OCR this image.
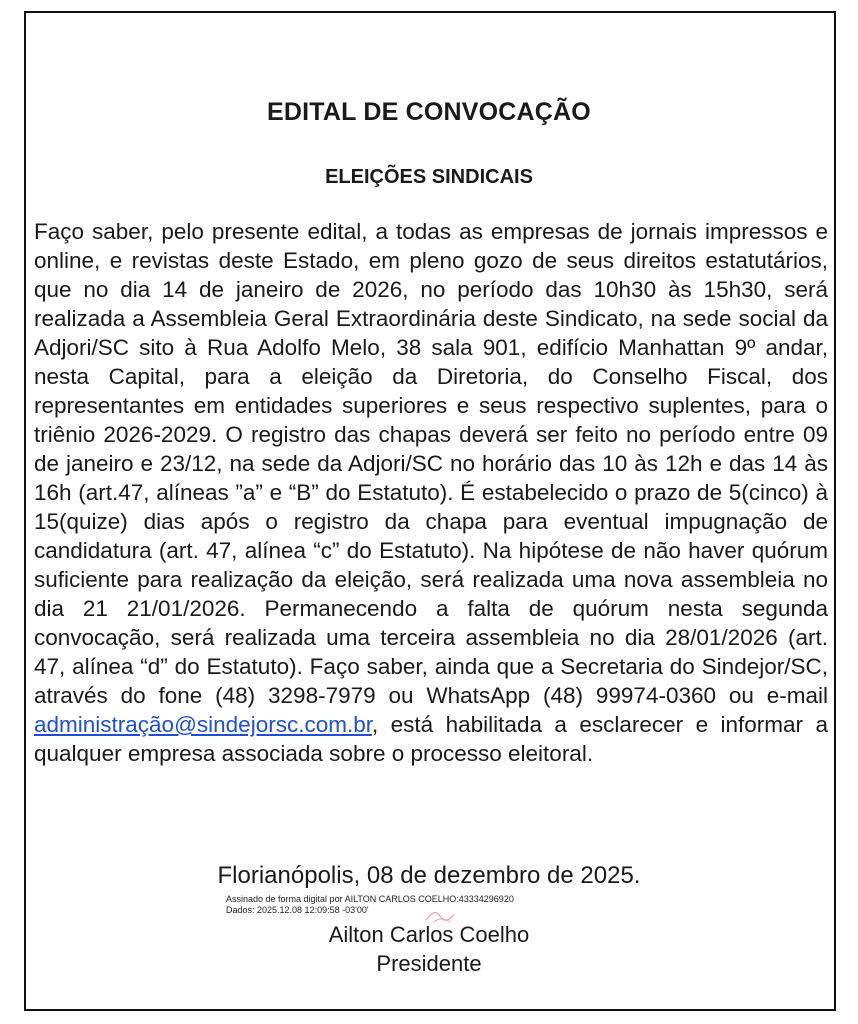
EDITAL DE CONVOCAÇÃO
ELEIÇÕES SINDICAIS
Faço saber, pelo presente edital, a todas as empresas de jornais impressos e online, e revistas deste Estado, em pleno gozo de seus direitos estatutários, que no dia 14 de janeiro de 2026, no período das 10h30 às 15h30, será realizada a Assembleia Geral Extraordinária deste Sindicato, na sede social da Adjori/SC sito à Rua Adolfo Melo, 38 sala 901, edifício Manhattan 9º andar, nesta Capital, para a eleição da Diretoria, do Conselho Fiscal, dos representantes em entidades superiores e seus respectivo suplentes, para o triênio 2026-2029. O registro das chapas deverá ser feito no período entre 09 de janeiro e 23/12, na sede da Adjori/SC no horário das 10 às 12h e das 14 às 16h (art.47, alíneas ”a” e “B” do Estatuto). É estabelecido o prazo de 5(cinco) à 15(quize) dias após o registro da chapa para eventual impugnação de candidatura (art. 47, alínea “c” do Estatuto). Na hipótese de não haver quórum suficiente para realização da eleição, será realizada uma nova assembleia no dia 21 21/01/2026. Permanecendo a falta de quórum nesta segunda convocação, será realizada uma terceira assembleia no dia 28/01/2026 (art. 47, alínea “d” do Estatuto). Faço saber, ainda que a Secretaria do Sindejor/SC, através do fone (48) 3298-7979 ou WhatsApp (48) 99974-0360 ou e-mail administração@sindejorsc.com.br, está habilitada a esclarecer e informar a qualquer empresa associada sobre o processo eleitoral.
Florianópolis, 08 de dezembro de 2025.
Assinado de forma digital por AILTON CARLOS COELHO:43334296920
Dados: 2025.12.08 12:09:58 -03'00'
Ailton Carlos Coelho
Presidente
